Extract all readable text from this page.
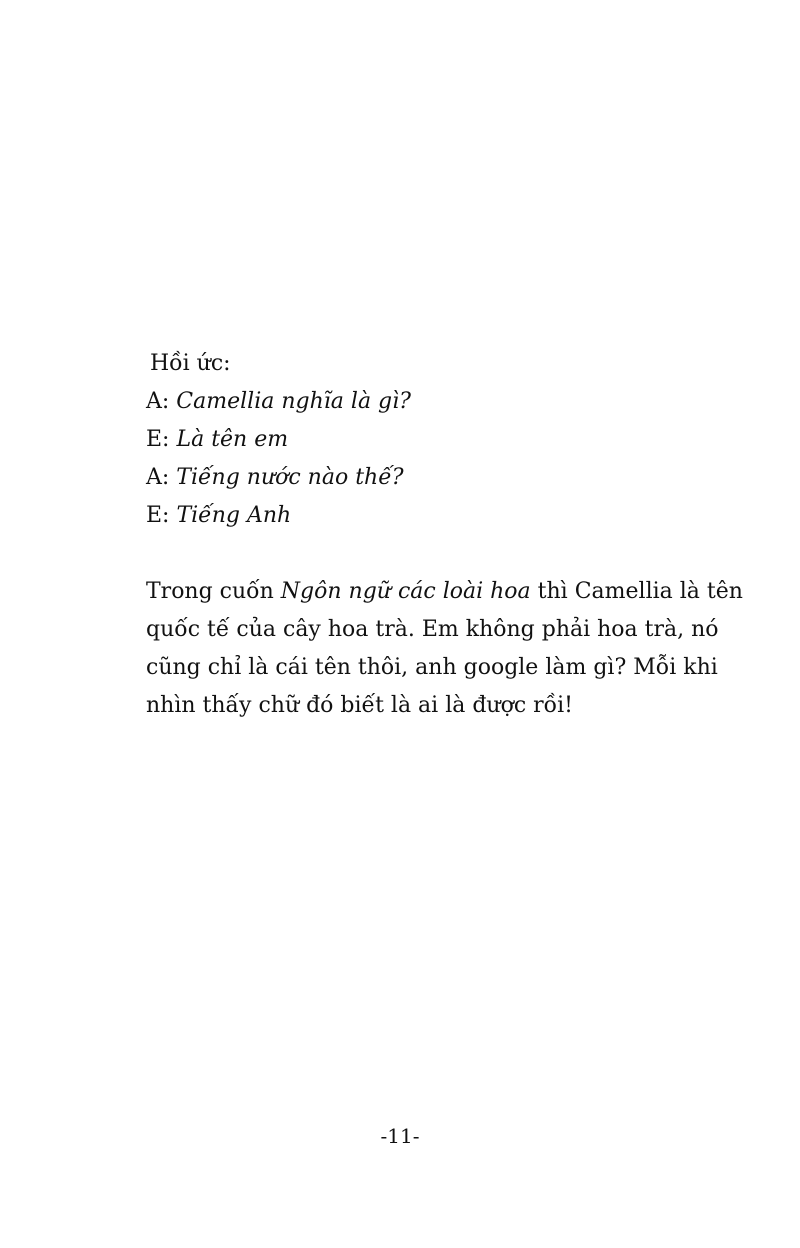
Hồi ức:
A: Camellia nghĩa là gì?
E: Là tên em
A: Tiếng nước nào thế?
E: Tiếng Anh
Trong cuốn Ngôn ngữ các loài hoa thì Camellia là tên
quốc tế của cây hoa trà. Em không phải hoa trà, nó
cũng chỉ là cái tên thôi, anh google làm gì? Mỗi khi
nhìn thấy chữ đó biết là ai là được rồi!
-11-
